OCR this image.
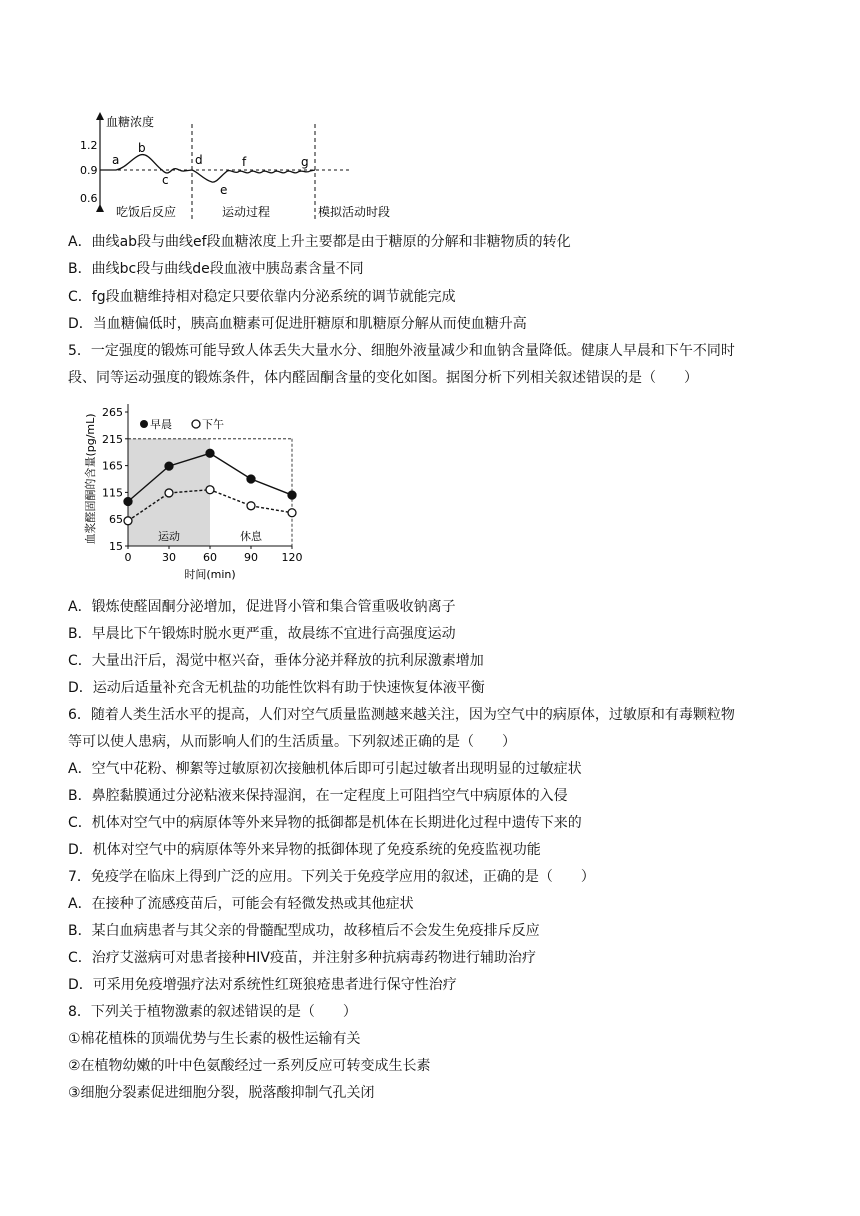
血糖浓度
1.2
0.9
0.6
a
b
c
d
e
f	g
吃饭后反应	运动过程	模拟活动时段
A．曲线ab段与曲线ef段血糖浓度上升主要都是由于糖原的分解和非糖物质的转化
B．曲线bc段与曲线de段血液中胰岛素含量不同
C．fg段血糖维持相对稳定只要依靠内分泌系统的调节就能完成
D．当血糖偏低时，胰高血糖素可促进肝糖原和肌糖原分解从而使血糖升高
5．一定强度的锻炼可能导致人体丢失大量水分、细胞外液量减少和血钠含量降低。健康人早晨和下午不同时
段、同等运动强度的锻炼条件，体内醛固酮含量的变化如图。据图分析下列相关叙述错误的是（　　）
265
215
165
115
65
15
0	30 60 90 120
血浆醛固酮的含量(pg/mL)
时间(min)
运动	休息
早晨	下午
A．锻炼使醛固酮分泌增加，促进肾小管和集合管重吸收钠离子
B．早晨比下午锻炼时脱水更严重，故晨练不宜进行高强度运动
C．大量出汗后，渴觉中枢兴奋，垂体分泌并释放的抗利尿激素增加
D．运动后适量补充含无机盐的功能性饮料有助于快速恢复体液平衡
6．随着人类生活水平的提高，人们对空气质量监测越来越关注，因为空气中的病原体，过敏原和有毒颗粒物
等可以使人患病，从而影响人们的生活质量。下列叙述正确的是（　　）
A．空气中花粉、柳絮等过敏原初次接触机体后即可引起过敏者出现明显的过敏症状
B．鼻腔黏膜通过分泌粘液来保持湿润，在一定程度上可阻挡空气中病原体的入侵
C．机体对空气中的病原体等外来异物的抵御都是机体在长期进化过程中遗传下来的
D．机体对空气中的病原体等外来异物的抵御体现了免疫系统的免疫监视功能
7．免疫学在临床上得到广泛的应用。下列关于免疫学应用的叙述，正确的是（　　）
A．在接种了流感疫苗后，可能会有轻微发热或其他症状
B．某白血病患者与其父亲的骨髓配型成功，故移植后不会发生免疫排斥反应
C．治疗艾滋病可对患者接种HIV疫苗，并注射多种抗病毒药物进行辅助治疗
D．可采用免疫增强疗法对系统性红斑狼疮患者进行保守性治疗
8．下列关于植物激素的叙述错误的是（　　）
①棉花植株的顶端优势与生长素的极性运输有关
②在植物幼嫩的叶中色氨酸经过一系列反应可转变成生长素
③细胞分裂素促进细胞分裂，脱落酸抑制气孔关闭
